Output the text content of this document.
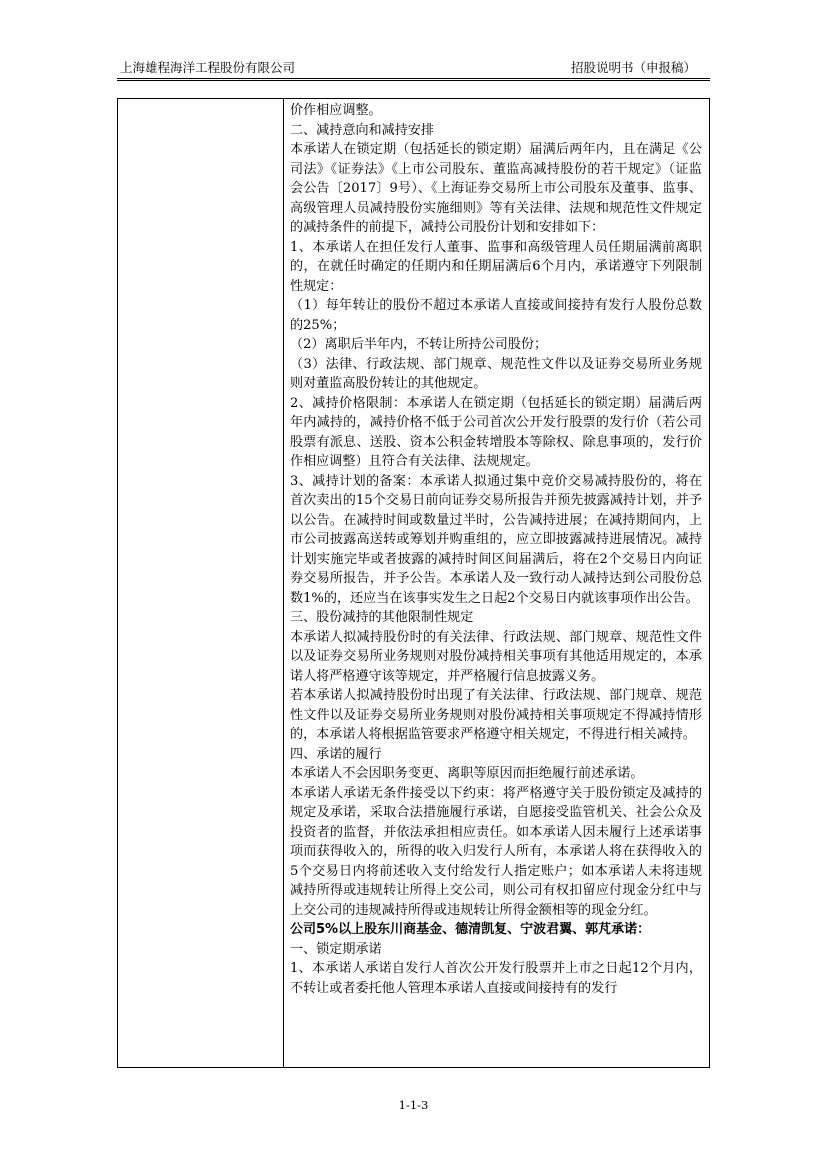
上海雄程海洋工程股份有限公司	招股说明书（申报稿）

价作相应调整。

二、减持意向和减持安排

本承诺人在锁定期（包括延长的锁定期）届满后两年内，且在满足《公司法》《证券法》《上市公司股东、董监高减持股份的若干规定》（证监会公告〔2017〕9号）、《上海证券交易所上市公司股东及董事、监事、高级管理人员减持股份实施细则》等有关法律、法规和规范性文件规定的减持条件的前提下，减持公司股份计划和安排如下：

1、本承诺人在担任发行人董事、监事和高级管理人员任期届满前离职的，在就任时确定的任期内和任期届满后6个月内，承诺遵守下列限制性规定：

（1）每年转让的股份不超过本承诺人直接或间接持有发行人股份总数的25%；

（2）离职后半年内，不转让所持公司股份；

（3）法律、行政法规、部门规章、规范性文件以及证券交易所业务规则对董监高股份转让的其他规定。

2、减持价格限制：本承诺人在锁定期（包括延长的锁定期）届满后两年内减持的，减持价格不低于公司首次公开发行股票的发行价（若公司股票有派息、送股、资本公积金转增股本等除权、除息事项的，发行价作相应调整）且符合有关法律、法规规定。

3、减持计划的备案：本承诺人拟通过集中竞价交易减持股份的，将在首次卖出的15个交易日前向证券交易所报告并预先披露减持计划，并予以公告。在减持时间或数量过半时，公告减持进展；在减持期间内，上市公司披露高送转或筹划并购重组的，应立即披露减持进展情况。减持计划实施完毕或者披露的减持时间区间届满后，将在2个交易日内向证券交易所报告，并予公告。本承诺人及一致行动人减持达到公司股份总数1%的，还应当在该事实发生之日起2个交易日内就该事项作出公告。

三、股份减持的其他限制性规定

本承诺人拟减持股份时的有关法律、行政法规、部门规章、规范性文件以及证券交易所业务规则对股份减持相关事项有其他适用规定的，本承诺人将严格遵守该等规定，并严格履行信息披露义务。

若本承诺人拟减持股份时出现了有关法律、行政法规、部门规章、规范性文件以及证券交易所业务规则对股份减持相关事项规定不得减持情形的，本承诺人将根据监管要求严格遵守相关规定，不得进行相关减持。

四、承诺的履行

本承诺人不会因职务变更、离职等原因而拒绝履行前述承诺。

本承诺人承诺无条件接受以下约束：将严格遵守关于股份锁定及减持的规定及承诺，采取合法措施履行承诺，自愿接受监管机关、社会公众及投资者的监督，并依法承担相应责任。如本承诺人因未履行上述承诺事项而获得收入的，所得的收入归发行人所有，本承诺人将在获得收入的5个交易日内将前述收入支付给发行人指定账户；如本承诺人未将违规减持所得或违规转让所得上交公司，则公司有权扣留应付现金分红中与上交公司的违规减持所得或违规转让所得金额相等的现金分红。

公司5%以上股东川商基金、德清凯复、宁波君翼、郭芃承诺：

一、锁定期承诺

1、本承诺人承诺自发行人首次公开发行股票并上市之日起12个月内，不转让或者委托他人管理本承诺人直接或间接持有的发行

1-1-3
